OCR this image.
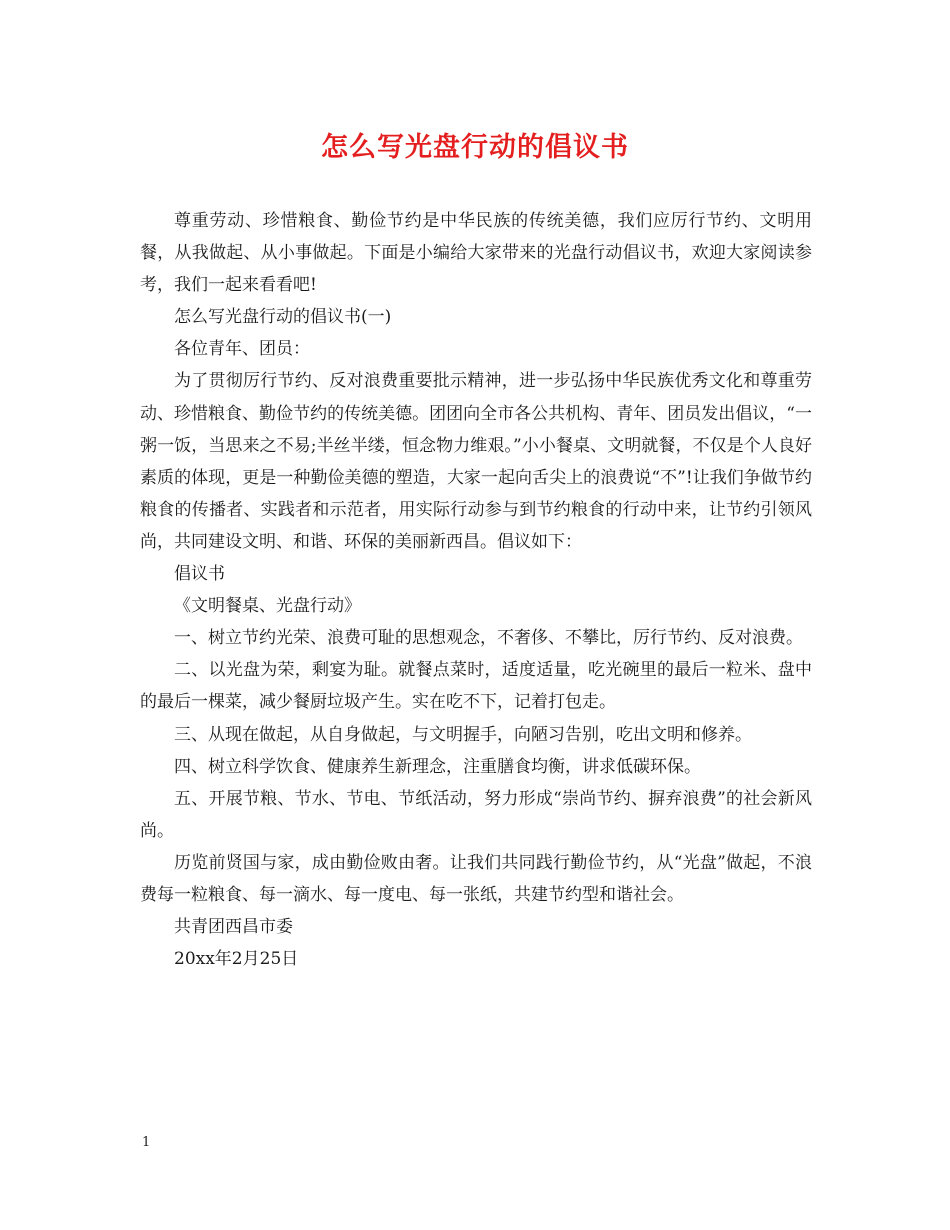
怎么写光盘行动的倡议书

尊重劳动、珍惜粮食、勤俭节约是中华民族的传统美德，我们应厉行节约、文明用餐，从我做起、从小事做起。下面是小编给大家带来的光盘行动倡议书，欢迎大家阅读参考，我们一起来看看吧!

怎么写光盘行动的倡议书(一)

各位青年、团员：

为了贯彻厉行节约、反对浪费重要批示精神，进一步弘扬中华民族优秀文化和尊重劳动、珍惜粮食、勤俭节约的传统美德。团团向全市各公共机构、青年、团员发出倡议，“一粥一饭，当思来之不易;半丝半缕，恒念物力维艰。”小小餐桌、文明就餐，不仅是个人良好素质的体现，更是一种勤俭美德的塑造，大家一起向舌尖上的浪费说“不”!让我们争做节约粮食的传播者、实践者和示范者，用实际行动参与到节约粮食的行动中来，让节约引领风尚，共同建设文明、和谐、环保的美丽新西昌。倡议如下：

倡议书

《文明餐桌、光盘行动》

一、树立节约光荣、浪费可耻的思想观念，不奢侈、不攀比，厉行节约、反对浪费。

二、以光盘为荣，剩宴为耻。就餐点菜时，适度适量，吃光碗里的最后一粒米、盘中的最后一棵菜，减少餐厨垃圾产生。实在吃不下，记着打包走。

三、从现在做起，从自身做起，与文明握手，向陋习告别，吃出文明和修养。

四、树立科学饮食、健康养生新理念，注重膳食均衡，讲求低碳环保。

五、开展节粮、节水、节电、节纸活动，努力形成“崇尚节约、摒弃浪费”的社会新风尚。

历览前贤国与家，成由勤俭败由奢。让我们共同践行勤俭节约，从“光盘”做起，不浪费每一粒粮食、每一滴水、每一度电、每一张纸，共建节约型和谐社会。

共青团西昌市委

20xx年2月25日

1
